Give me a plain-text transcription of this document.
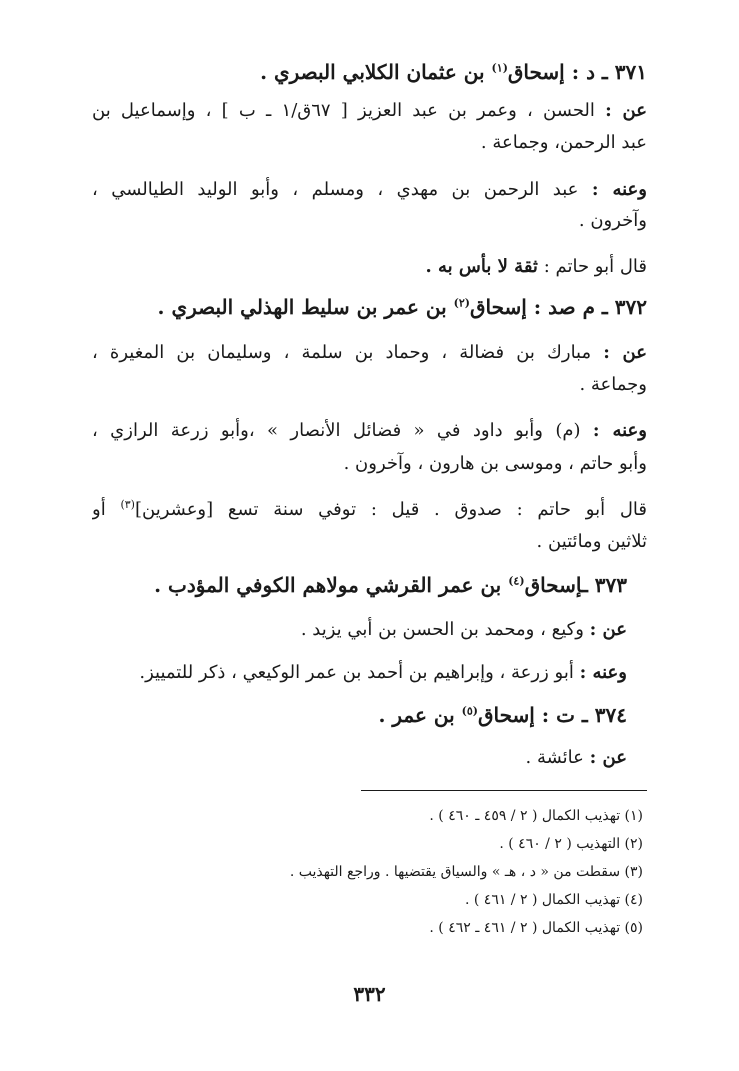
٣٧١ ـ د : إسحاق$^{(١)}$ بن عثمان الكلابي البصري .
عن : الحسن ، وعمر بن عبد العزيز [ ٦٧ق/١ ـ ب ] ، وإسماعيل بن
عبد الرحمن، وجماعة .
وعنه : عبد الرحمن بن مهدي ، ومسلم ، وأبو الوليد الطيالسي ،
وآخرون .
قال أبو حاتم : ثقة لا بأس به .
٣٧٢ ـ م صد : إسحاق$^{(٢)}$ بن عمر بن سليط الهذلي البصري .
عن : مبارك بن فضالة ، وحماد بن سلمة ، وسليمان بن المغيرة ،
وجماعة .
وعنه : (م) وأبو داود في « فضائل الأنصار » ،وأبو زرعة الرازي ،
وأبو حاتم ، وموسى بن هارون ، وآخرون .
قال أبو حاتم : صدوق . قيل : توفي سنة تسع [وعشرين]$^{(٣)}$ أو
ثلاثين ومائتين .
٣٧٣ ـإسحاق$^{(٤)}$ بن عمر القرشي مولاهم الكوفي المؤدب .
عن : وكيع ، ومحمد بن الحسن بن أبي يزيد .
وعنه : أبو زرعة ، وإبراهيم بن أحمد بن عمر الوكيعي ، ذكر للتمييز.
٣٧٤ ـ ت : إسحاق$^{(٥)}$ بن عمر .
عن : عائشة .
(١) تهذيب الكمال ( ٢ / ٤٥٩ ـ ٤٦٠ ) .
(٢) التهذيب ( ٢ / ٤٦٠ ) .
(٣) سقطت من « د ، هـ » والسياق يقتضيها . وراجع التهذيب .
(٤) تهذيب الكمال ( ٢ / ٤٦١ ) .
(٥) تهذيب الكمال ( ٢ / ٤٦١ ـ ٤٦٢ ) .
٣٣٢
